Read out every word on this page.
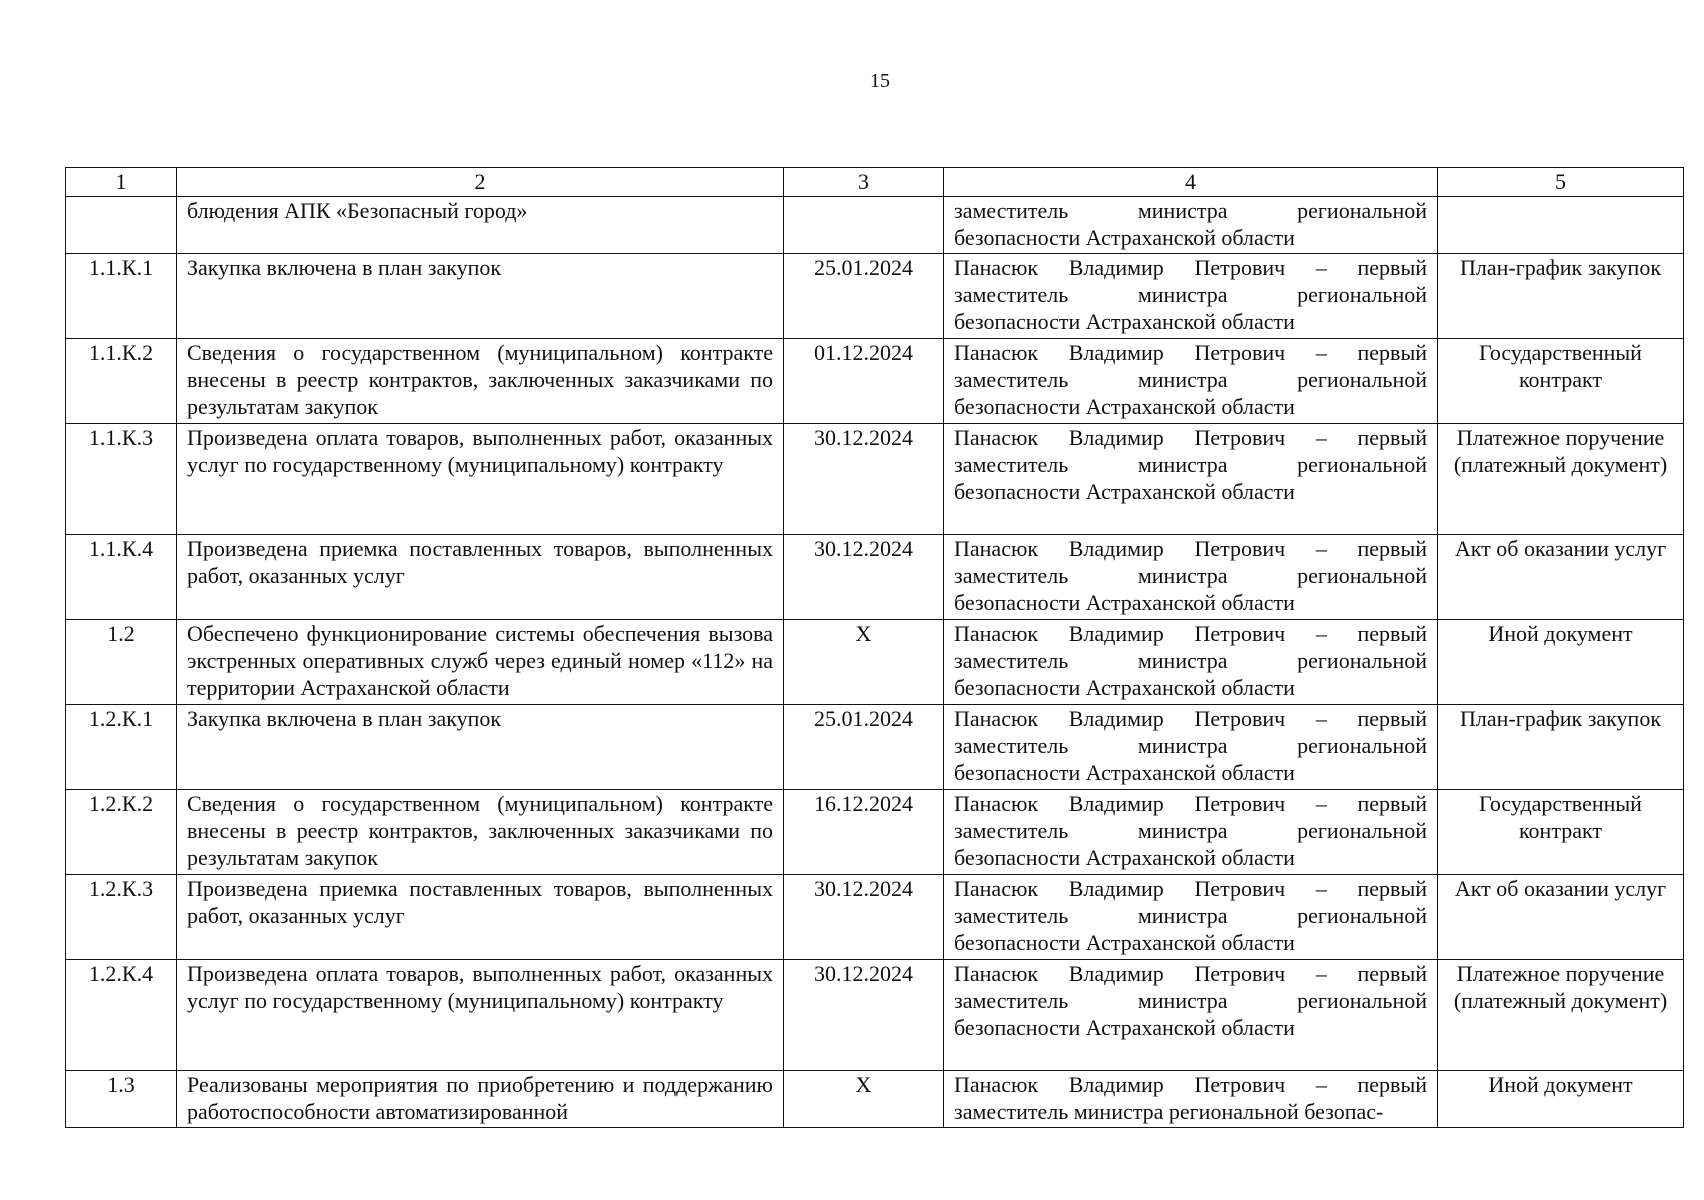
15
1	2	3	4	5
	блюдения АПК «Безопасный город»		заместитель министра региональной безопасности Астраханской области	
1.1.К.1	Закупка включена в план закупок	25.01.2024	Панасюк Владимир Петрович – первый заместитель министра региональной безопасности Астраханской области	План-график закупок
1.1.К.2	Сведения о государственном (муниципальном) контракте внесены в реестр контрактов, заключенных заказчиками по результатам закупок	01.12.2024	Панасюк Владимир Петрович – первый заместитель министра региональной безопасности Астраханской области	Государственный контракт
1.1.К.3	Произведена оплата товаров, выполненных работ, оказанных услуг по государственному (муниципальному) контракту	30.12.2024	Панасюк Владимир Петрович – первый заместитель министра региональной безопасности Астраханской области	Платежное поручение (платежный документ)
1.1.К.4	Произведена приемка поставленных товаров, выполненных работ, оказанных услуг	30.12.2024	Панасюк Владимир Петрович – первый заместитель министра региональной безопасности Астраханской области	Акт об оказании услуг
1.2	Обеспечено функционирование системы обеспечения вызова экстренных оперативных служб через единый номер «112» на территории Астраханской области	X	Панасюк Владимир Петрович – первый заместитель министра региональной безопасности Астраханской области	Иной документ
1.2.К.1	Закупка включена в план закупок	25.01.2024	Панасюк Владимир Петрович – первый заместитель министра региональной безопасности Астраханской области	План-график закупок
1.2.К.2	Сведения о государственном (муниципальном) контракте внесены в реестр контрактов, заключенных заказчиками по результатам закупок	16.12.2024	Панасюк Владимир Петрович – первый заместитель министра региональной безопасности Астраханской области	Государственный контракт
1.2.К.3	Произведена приемка поставленных товаров, выполненных работ, оказанных услуг	30.12.2024	Панасюк Владимир Петрович – первый заместитель министра региональной безопасности Астраханской области	Акт об оказании услуг
1.2.К.4	Произведена оплата товаров, выполненных работ, оказанных услуг по государственному (муниципальному) контракту	30.12.2024	Панасюк Владимир Петрович – первый заместитель министра региональной безопасности Астраханской области	Платежное поручение (платежный документ)
1.3	Реализованы мероприятия по приобретению и поддержанию работоспособности автоматизированной	X	Панасюк Владимир Петрович – первый заместитель министра региональной безопас-	Иной документ
